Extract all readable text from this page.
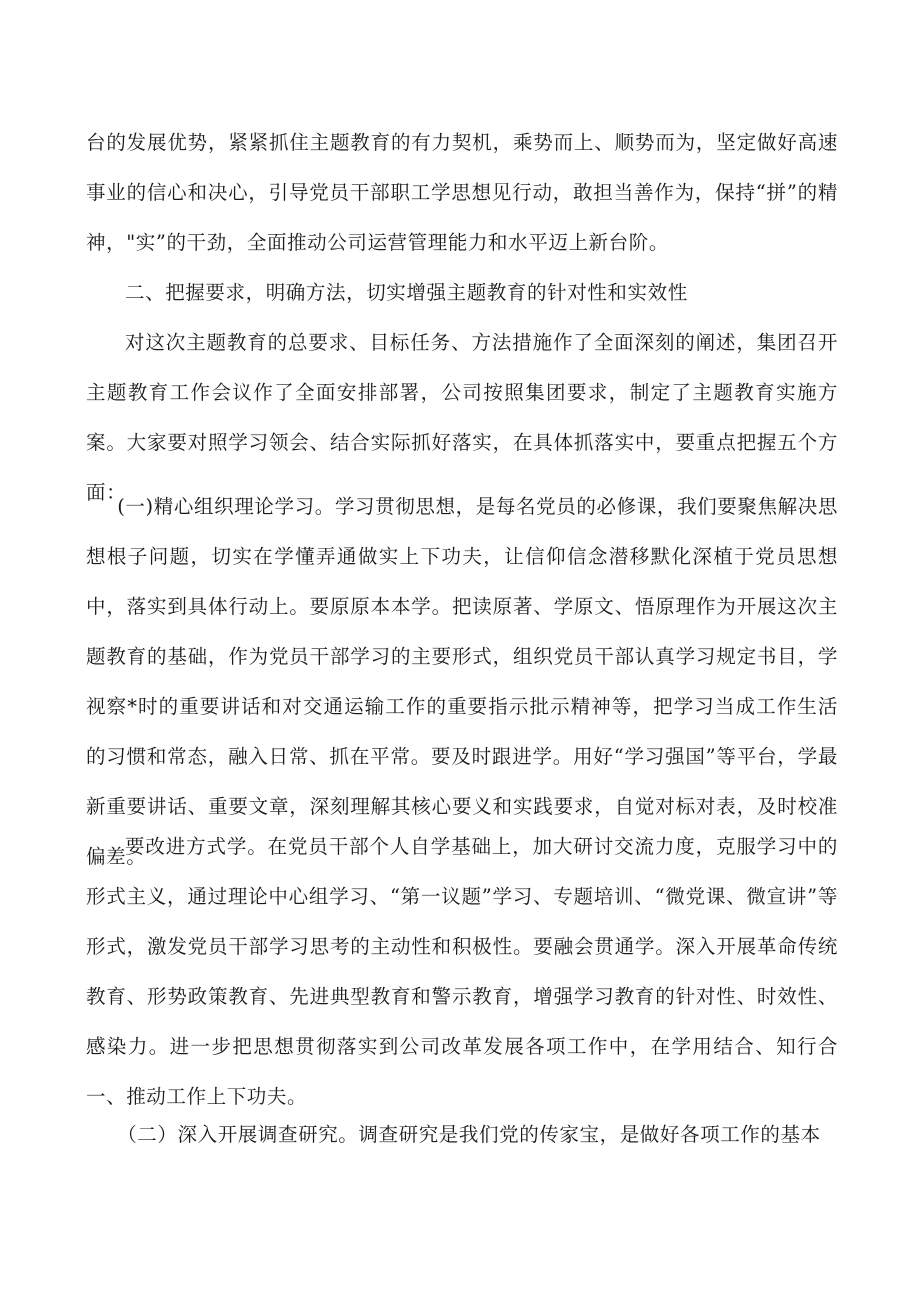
台的发展优势，紧紧抓住主题教育的有力契机，乘势而上、顺势而为，坚定做好高速事业的信心和决心，引导党员干部职工学思想见行动，敢担当善作为，保持“拼”的精神，"实”的干劲，全面推动公司运营管理能力和水平迈上新台阶。

二、把握要求，明确方法，切实增强主题教育的针对性和实效性

对这次主题教育的总要求、目标任务、方法措施作了全面深刻的阐述，集团召开主题教育工作会议作了全面安排部署，公司按照集团要求，制定了主题教育实施方案。大家要对照学习领会、结合实际抓好落实，在具体抓落实中，要重点把握五个方面：

(一)精心组织理论学习。学习贯彻思想，是每名党员的必修课，我们要聚焦解决思想根子问题，切实在学懂弄通做实上下功夫，让信仰信念潜移默化深植于党员思想中，落实到具体行动上。要原原本本学。把读原著、学原文、悟原理作为开展这次主题教育的基础，作为党员干部学习的主要形式，组织党员干部认真学习规定书目，学视察*时的重要讲话和对交通运输工作的重要指示批示精神等，把学习当成工作生活的习惯和常态，融入日常、抓在平常。要及时跟进学。用好“学习强国”等平台，学最新重要讲话、重要文章，深刻理解其核心要义和实践要求，自觉对标对表，及时校准偏差。

要改进方式学。在党员干部个人自学基础上，加大研讨交流力度，克服学习中的形式主义，通过理论中心组学习、“第一议题”学习、专题培训、“微党课、微宣讲”等形式，激发党员干部学习思考的主动性和积极性。要融会贯通学。深入开展革命传统教育、形势政策教育、先进典型教育和警示教育，增强学习教育的针对性、时效性、感染力。进一步把思想贯彻落实到公司改革发展各项工作中，在学用结合、知行合一、推动工作上下功夫。

（二）深入开展调查研究。调查研究是我们党的传家宝，是做好各项工作的基本
